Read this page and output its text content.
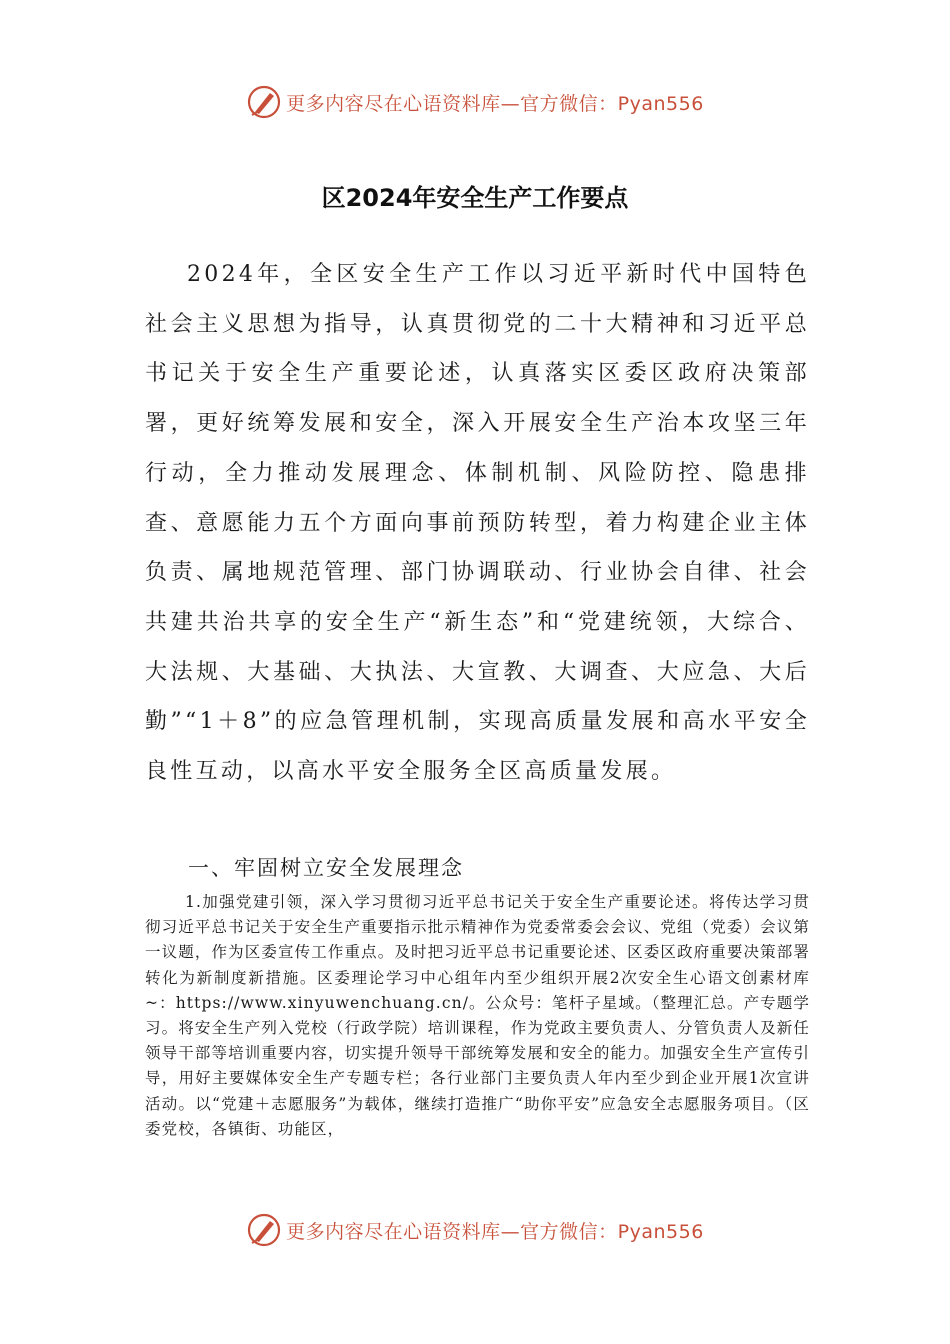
更多内容尽在心语资料库—官方微信：Pyan556
区2024年安全生产工作要点

2024年，全区安全生产工作以习近平新时代中国特色社会主义思想为指导，认真贯彻党的二十大精神和习近平总书记关于安全生产重要论述，认真落实区委区政府决策部署，更好统筹发展和安全，深入开展安全生产治本攻坚三年行动，全力推动发展理念、体制机制、风险防控、隐患排查、意愿能力五个方面向事前预防转型，着力构建企业主体负责、属地规范管理、部门协调联动、行业协会自律、社会共建共治共享的安全生产“新生态”和“党建统领，大综合、大法规、大基础、大执法、大宣教、大调查、大应急、大后勤”“1＋8”的应急管理机制，实现高质量发展和高水平安全良性互动，以高水平安全服务全区高质量发展。

一、牢固树立安全发展理念

1.加强党建引领，深入学习贯彻习近平总书记关于安全生产重要论述。将传达学习贯彻习近平总书记关于安全生产重要指示批示精神作为党委常委会会议、党组（党委）会议第一议题，作为区委宣传工作重点。及时把习近平总书记重要论述、区委区政府重要决策部署转化为新制度新措施。区委理论学习中心组年内至少组织开展2次安全生心语文创素材库~：https://www.xinyuwenchuang.cn/。公众号：笔杆子星域。（整理汇总。产专题学习。将安全生产列入党校（行政学院）培训课程，作为党政主要负责人、分管负责人及新任领导干部等培训重要内容，切实提升领导干部统筹发展和安全的能力。加强安全生产宣传引导，用好主要媒体安全生产专题专栏；各行业部门主要负责人年内至少到企业开展1次宣讲活动。以“党建＋志愿服务”为载体，继续打造推广“助你平安”应急安全志愿服务项目。（区委党校，各镇街、功能区，

更多内容尽在心语资料库—官方微信：Pyan556
